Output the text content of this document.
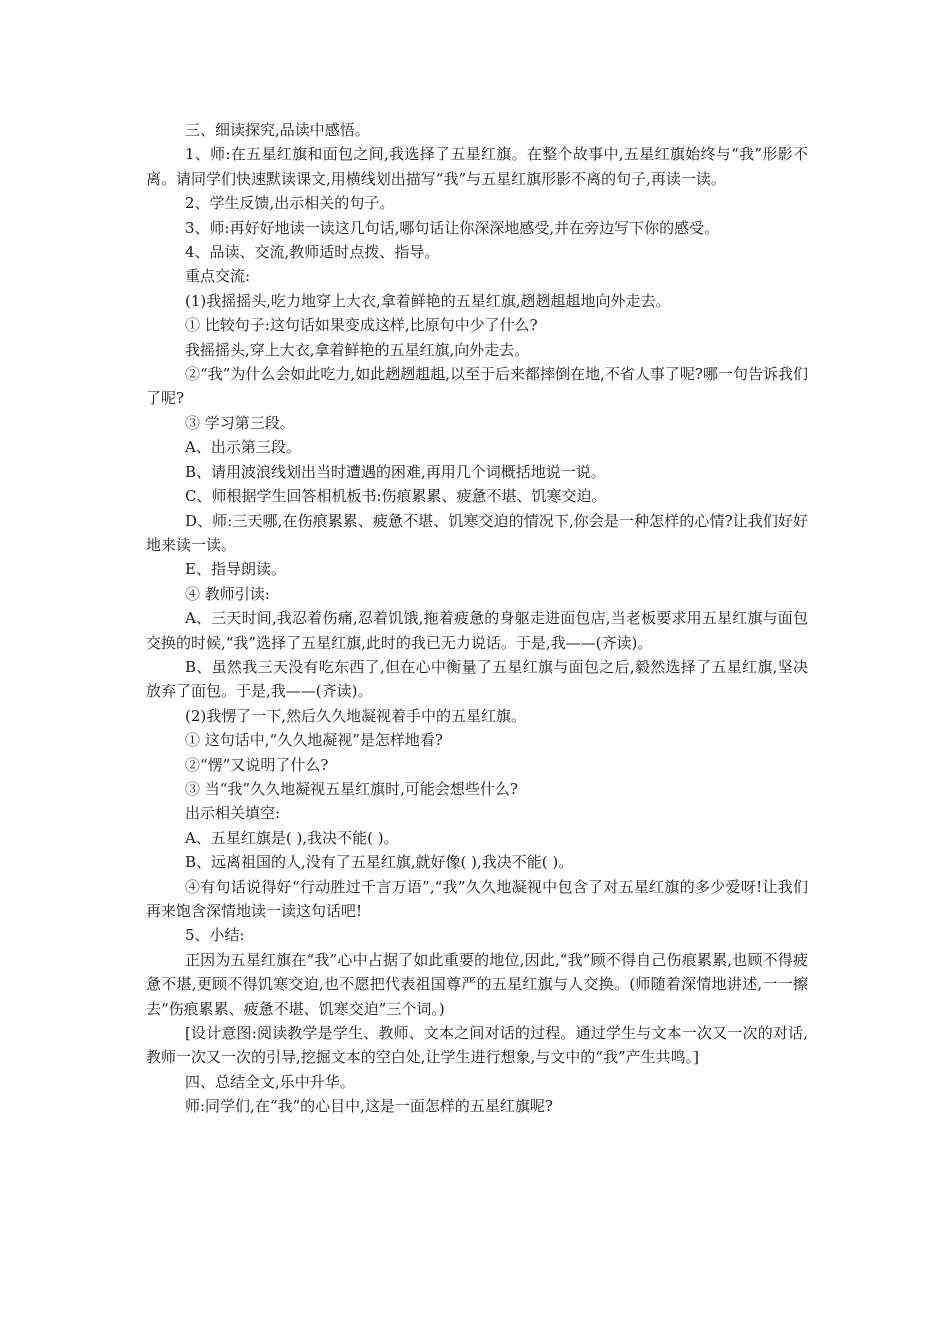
三、细读探究,品读中感悟。

1、师:在五星红旗和面包之间,我选择了五星红旗。在整个故事中,五星红旗始终与“我”形影不离。请同学们快速默读课文,用横线划出描写“我”与五星红旗形影不离的句子,再读一读。

2、学生反馈,出示相关的句子。

3、师:再好好地读一读这几句话,哪句话让你深深地感受,并在旁边写下你的感受。

4、品读、交流,教师适时点拨、指导。

重点交流:

(1)我摇摇头,吃力地穿上大衣,拿着鲜艳的五星红旗,趔趔趄趄地向外走去。

① 比较句子:这句话如果变成这样,比原句中少了什么?

我摇摇头,穿上大衣,拿着鲜艳的五星红旗,向外走去。

②“我”为什么会如此吃力,如此趔趔趄趄,以至于后来都摔倒在地,不省人事了呢?哪一句告诉我们了呢?

③ 学习第三段。

A、出示第三段。

B、请用波浪线划出当时遭遇的困难,再用几个词概括地说一说。

C、师根据学生回答相机板书:伤痕累累、疲惫不堪、饥寒交迫。

D、师:三天哪,在伤痕累累、疲惫不堪、饥寒交迫的情况下,你会是一种怎样的心情?让我们好好地来读一读。

E、指导朗读。

④ 教师引读:

A、三天时间,我忍着伤痛,忍着饥饿,拖着疲惫的身躯走进面包店,当老板要求用五星红旗与面包交换的时候,“我”选择了五星红旗,此时的我已无力说话。于是,我——(齐读)。

B、虽然我三天没有吃东西了,但在心中衡量了五星红旗与面包之后,毅然选择了五星红旗,坚决放弃了面包。于是,我——(齐读)。

(2)我愣了一下,然后久久地凝视着手中的五星红旗。

① 这句话中,“久久地凝视”是怎样地看?

②“愣”又说明了什么?

③ 当“我”久久地凝视五星红旗时,可能会想些什么?

出示相关填空:

A、五星红旗是( ),我决不能( )。

B、远离祖国的人,没有了五星红旗,就好像( ),我决不能( )。

④有句话说得好“行动胜过千言万语”,“我”久久地凝视中包含了对五星红旗的多少爱呀!让我们再来饱含深情地读一读这句话吧!

5、小结:

正因为五星红旗在“我”心中占据了如此重要的地位,因此,“我”顾不得自己伤痕累累,也顾不得疲惫不堪,更顾不得饥寒交迫,也不愿把代表祖国尊严的五星红旗与人交换。(师随着深情地讲述,一一擦去“伤痕累累、疲惫不堪、饥寒交迫”三个词。)

[设计意图:阅读教学是学生、教师、文本之间对话的过程。通过学生与文本一次又一次的对话,教师一次又一次的引导,挖掘文本的空白处,让学生进行想象,与文中的“我”产生共鸣。]

四、总结全文,乐中升华。

师:同学们,在“我”的心目中,这是一面怎样的五星红旗呢?
